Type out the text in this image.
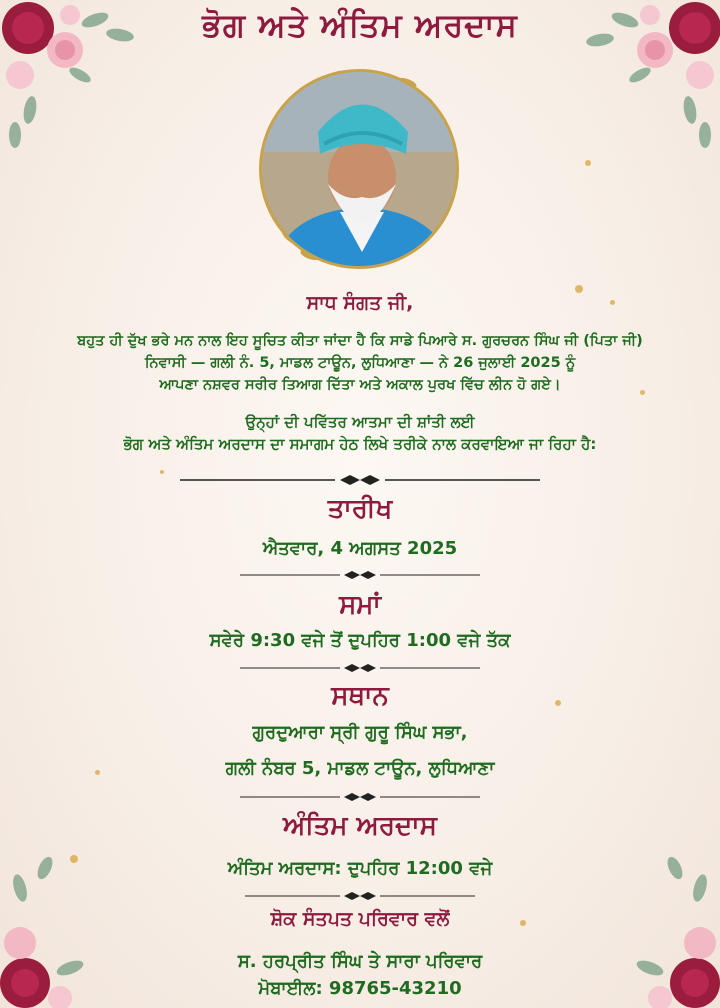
ਭੋਗ ਅਤੇ ਅੰਤਿਮ ਅਰਦਾਸ
ਸਾਧ ਸੰਗਤ ਜੀ,
ਬਹੁਤ ਹੀ ਦੁੱਖ ਭਰੇ ਮਨ ਨਾਲ ਇਹ ਸੂਚਿਤ ਕੀਤਾ ਜਾਂਦਾ ਹੈ ਕਿ ਸਾਡੇ ਪਿਆਰੇ ਸ. ਗੁਰਚਰਨ ਸਿੰਘ ਜੀ (ਪਿਤਾ ਜੀ)
ਨਿਵਾਸੀ — ਗਲੀ ਨੰ. 5, ਮਾਡਲ ਟਾਊਨ, ਲੁਧਿਆਣਾ — ਨੇ 26 ਜੁਲਾਈ 2025 ਨੂੰ
ਆਪਣਾ ਨਸ਼ਵਰ ਸਰੀਰ ਤਿਆਗ ਦਿੱਤਾ ਅਤੇ ਅਕਾਲ ਪੁਰਖ ਵਿੱਚ ਲੀਨ ਹੋ ਗਏ।
ਉਨ੍ਹਾਂ ਦੀ ਪਵਿੱਤਰ ਆਤਮਾ ਦੀ ਸ਼ਾਂਤੀ ਲਈ
ਭੋਗ ਅਤੇ ਅੰਤਿਮ ਅਰਦਾਸ ਦਾ ਸਮਾਗਮ ਹੇਠ ਲਿਖੇ ਤਰੀਕੇ ਨਾਲ ਕਰਵਾਇਆ ਜਾ ਰਿਹਾ ਹੈ:
ਤਾਰੀਖ
ਐਤਵਾਰ, 4 ਅਗਸਤ 2025
ਸਮਾਂ
ਸਵੇਰੇ 9:30 ਵਜੇ ਤੋਂ ਦੁਪਹਿਰ 1:00 ਵਜੇ ਤੱਕ
ਸਥਾਨ
ਗੁਰਦੁਆਰਾ ਸ੍ਰੀ ਗੁਰੂ ਸਿੰਘ ਸਭਾ,
ਗਲੀ ਨੰਬਰ 5, ਮਾਡਲ ਟਾਊਨ, ਲੁਧਿਆਣਾ
ਅੰਤਿਮ ਅਰਦਾਸ
ਅੰਤਿਮ ਅਰਦਾਸ: ਦੁਪਹਿਰ 12:00 ਵਜੇ
ਸ਼ੋਕ ਸੰਤਪਤ ਪਰਿਵਾਰ ਵਲੋਂ
ਸ. ਹਰਪ੍ਰੀਤ ਸਿੰਘ ਤੇ ਸਾਰਾ ਪਰਿਵਾਰ
ਮੋਬਾਈਲ: 98765-43210
